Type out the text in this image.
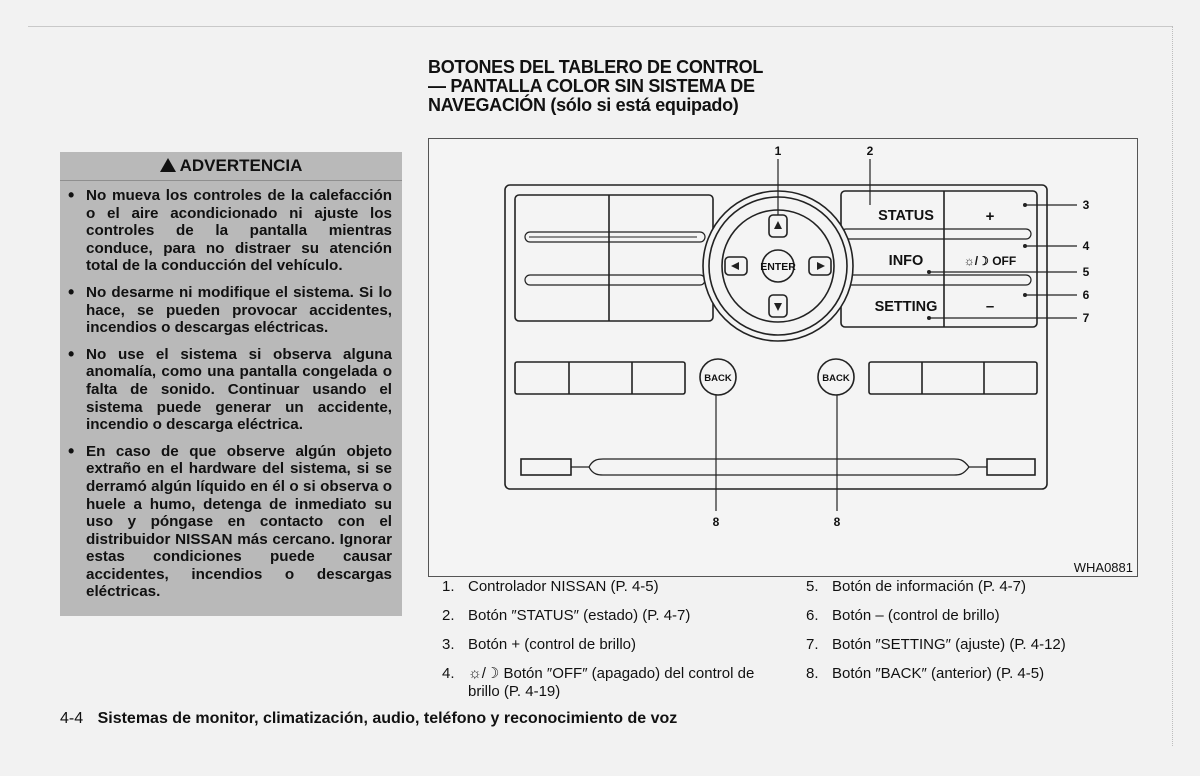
ADVERTENCIA
• No mueva los controles de la calefacción o el aire acondicionado ni ajuste los controles de la pantalla mientras conduce, para no distraer su atención total de la conducción del vehículo.
• No desarme ni modifique el sistema. Si lo hace, se pueden provocar accidentes, incendios o descargas eléctricas.
• No use el sistema si observa alguna anomalía, como una pantalla congelada o falta de sonido. Continuar usando el sistema puede generar un accidente, incendio o descarga eléctrica.
• En caso de que observe algún objeto extraño en el hardware del sistema, si se derramó algún líquido en él o si observa o huele a humo, detenga de inmediato su uso y póngase en contacto con el distribuidor NISSAN más cercano. Ignorar estas condiciones puede causar accidentes, incendios o descargas eléctricas.
BOTONES DEL TABLERO DE CONTROL
— PANTALLA COLOR SIN SISTEMA DE
NAVEGACIÓN (sólo si está equipado)
ENTER
STATUS	+
INFO	☼/☽ OFF
SETTING	–
BACK	BACK
1	2
3
4
5
6
7
8	8
WHA0881
1. Controlador NISSAN (P. 4-5)
2. Botón ″STATUS″ (estado) (P. 4-7)
3. Botón + (control de brillo)
4. ☼/☽ Botón ″OFF″ (apagado) del control de brillo (P. 4-19)
5. Botón de información (P. 4-7)
6. Botón – (control de brillo)
7. Botón ″SETTING″ (ajuste) (P. 4-12)
8. Botón ″BACK″ (anterior) (P. 4-5)
4-4 Sistemas de monitor, climatización, audio, teléfono y reconocimiento de voz
